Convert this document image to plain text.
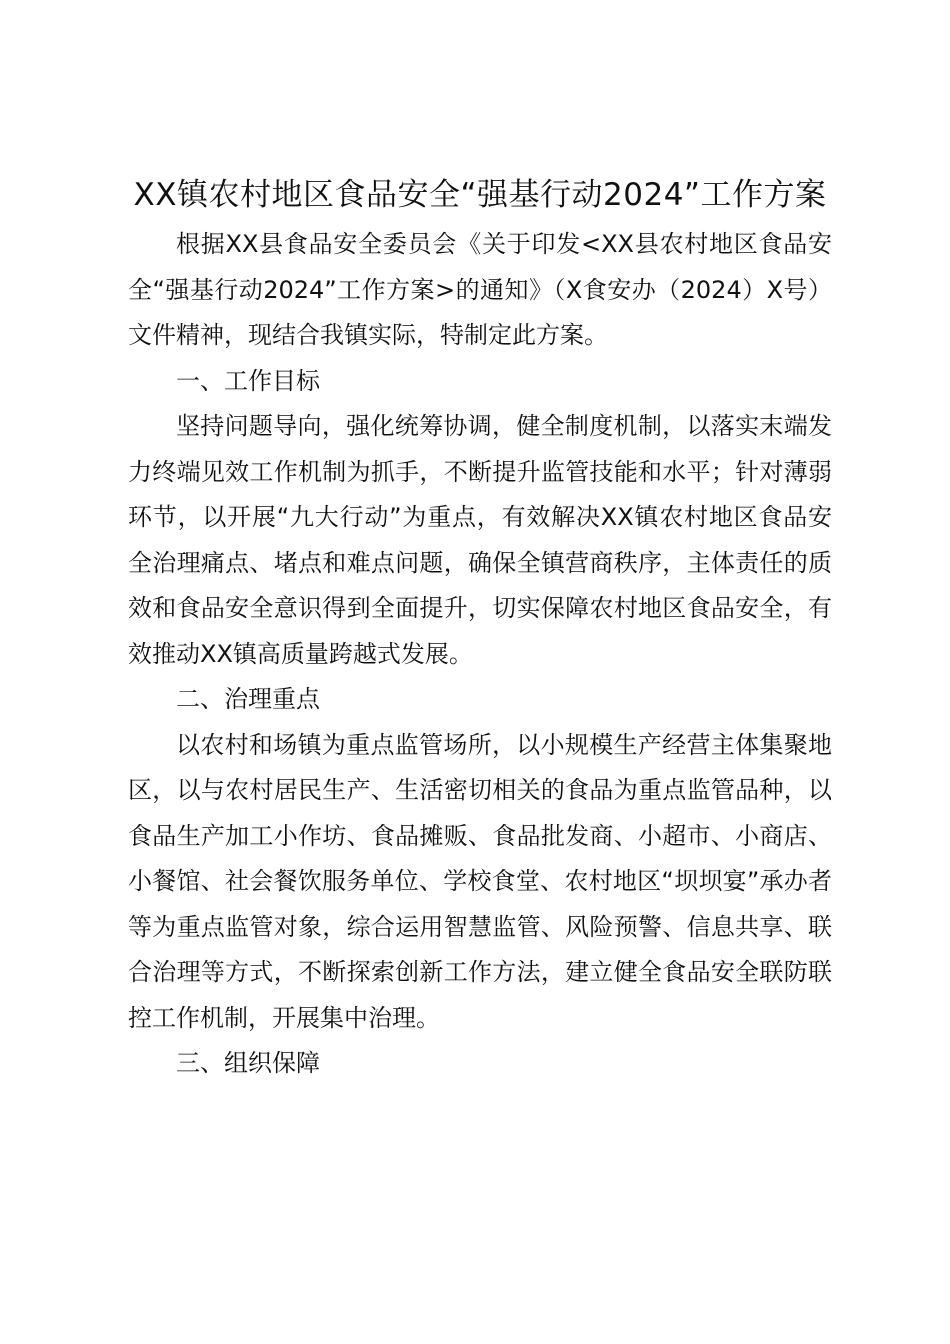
XX镇农村地区食品安全“强基行动2024”工作方案

根据XX县食品安全委员会《关于印发<XX县农村地区食品安全“强基行动2024”工作方案>的通知》（X食安办（2024）X号）文件精神，现结合我镇实际，特制定此方案。

一、工作目标

坚持问题导向，强化统筹协调，健全制度机制，以落实末端发力终端见效工作机制为抓手，不断提升监管技能和水平；针对薄弱环节，以开展“九大行动”为重点，有效解决XX镇农村地区食品安全治理痛点、堵点和难点问题，确保全镇营商秩序，主体责任的质效和食品安全意识得到全面提升，切实保障农村地区食品安全，有效推动XX镇高质量跨越式发展。

二、治理重点

以农村和场镇为重点监管场所，以小规模生产经营主体集聚地区，以与农村居民生产、生活密切相关的食品为重点监管品种，以食品生产加工小作坊、食品摊贩、食品批发商、小超市、小商店、小餐馆、社会餐饮服务单位、学校食堂、农村地区“坝坝宴”承办者等为重点监管对象，综合运用智慧监管、风险预警、信息共享、联合治理等方式，不断探索创新工作方法，建立健全食品安全联防联控工作机制，开展集中治理。

三、组织保障
